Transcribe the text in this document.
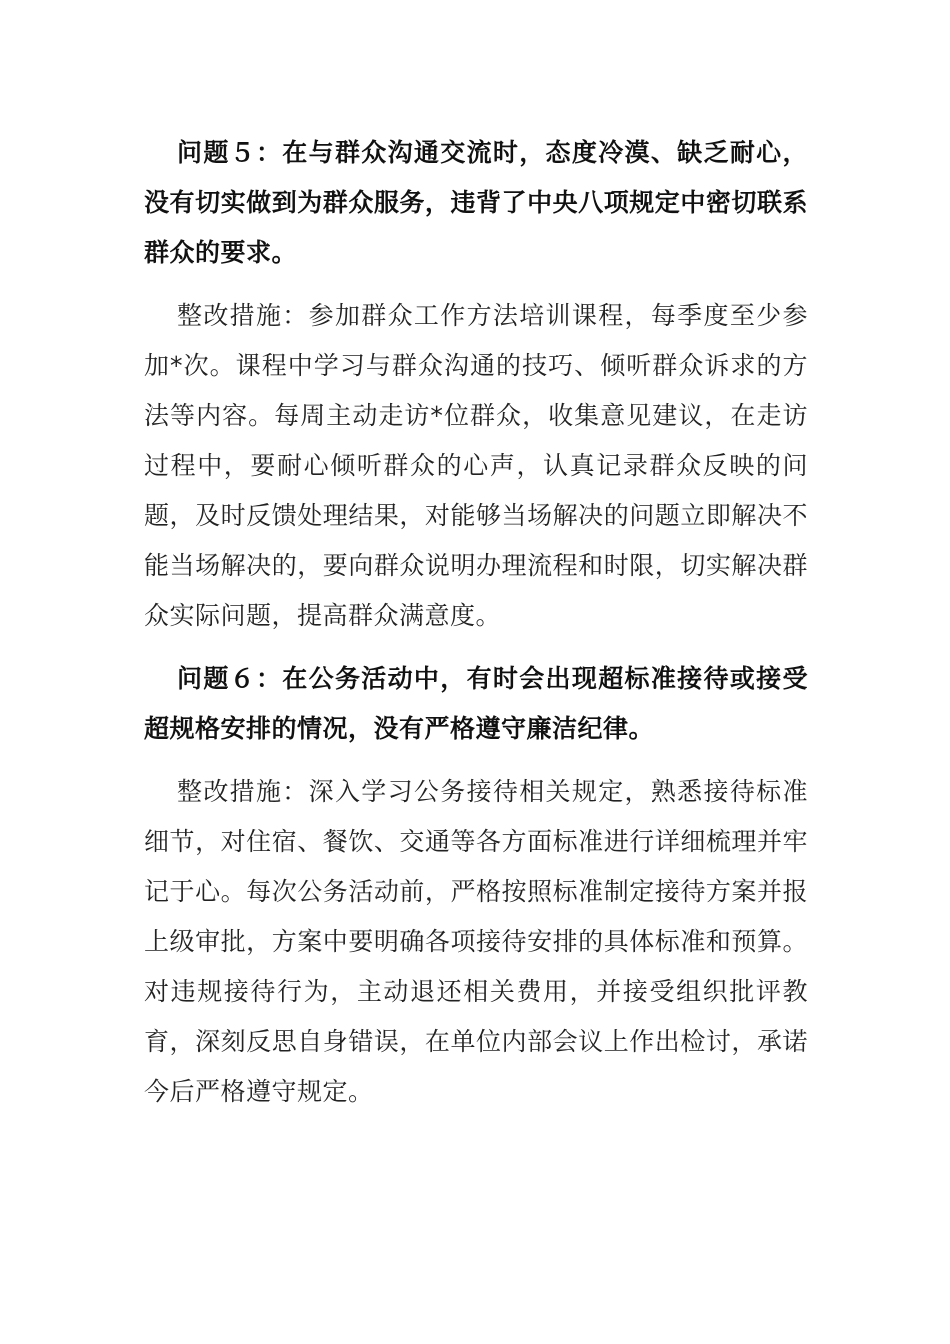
问题５：在与群众沟通交流时，态度冷漠、缺乏耐心，没有切实做到为群众服务，违背了中央八项规定中密切联系群众的要求。

整改措施：参加群众工作方法培训课程，每季度至少参加*次。课程中学习与群众沟通的技巧、倾听群众诉求的方法等内容。每周主动走访*位群众，收集意见建议，在走访过程中，要耐心倾听群众的心声，认真记录群众反映的问题，及时反馈处理结果，对能够当场解决的问题立即解决不能当场解决的，要向群众说明办理流程和时限，切实解决群众实际问题，提高群众满意度。

问题６：在公务活动中，有时会出现超标准接待或接受超规格安排的情况，没有严格遵守廉洁纪律。

整改措施：深入学习公务接待相关规定，熟悉接待标准细节，对住宿、餐饮、交通等各方面标准进行详细梳理并牢记于心。每次公务活动前，严格按照标准制定接待方案并报上级审批，方案中要明确各项接待安排的具体标准和预算。对违规接待行为，主动退还相关费用，并接受组织批评教育，深刻反思自身错误，在单位内部会议上作出检讨，承诺今后严格遵守规定。
